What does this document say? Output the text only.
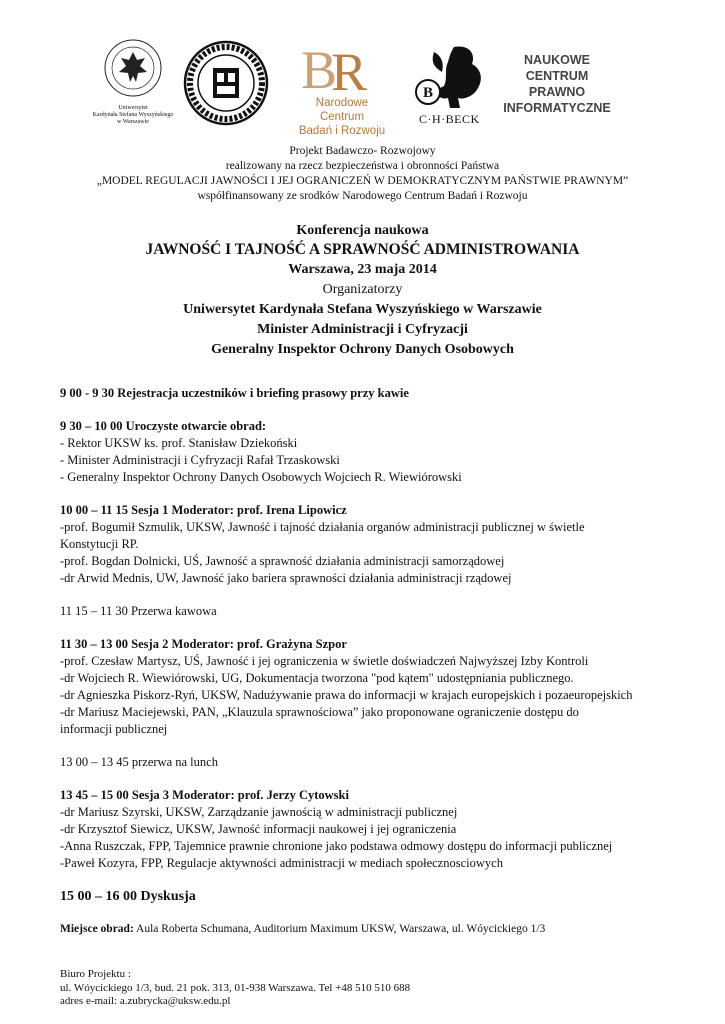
Uniwersytet
Kardynała Stefana Wyszyńskiego
w Warszawie
B
R
Narodowe Centrum
Badań i Rozwoju
B
C·H·BECK
NAUKOWE
CENTRUM
PRAWNO
INFORMATYCZNE
Projekt Badawczo- Rozwojowy
realizowany na rzecz bezpieczeństwa i obronności Państwa
„MODEL REGULACJI JAWNOŚCI I JEJ OGRANICZEŃ W DEMOKRATYCZNYM PAŃSTWIE PRAWNYM”
współfinansowany ze srodków Narodowego Centrum Badań i Rozwoju
Konferencja naukowa
JAWNOŚĆ I TAJNOŚĆ A SPRAWNOŚĆ ADMINISTROWANIA
Warszawa, 23 maja 2014
Organizatorzy
Uniwersytet Kardynała Stefana Wyszyńskiego w Warszawie
Minister Administracji i Cyfryzacji
Generalny Inspektor Ochrony Danych Osobowych

9 00 - 9 30 Rejestracja uczestników i briefing prasowy przy kawie

9 30 – 10 00 Uroczyste otwarcie obrad:

- Rektor UKSW ks. prof. Stanisław Dziekoński

- Minister Administracji i Cyfryzacji Rafał Trzaskowski

- Generalny Inspektor Ochrony Danych Osobowych Wojciech R. Wiewiórowski

10 00 – 11 15 Sesja 1 Moderator: prof. Irena Lipowicz

-prof. Bogumił Szmulik, UKSW, Jawność i tajność działania organów administracji publicznej w świetle

Konstytucji RP.

-prof. Bogdan Dolnicki, UŚ, Jawność a sprawność działania administracji samorządowej

-dr Arwid Mednis, UW, Jawność jako bariera sprawności działania administracji rządowej

11 15 – 11 30 Przerwa kawowa

11 30 – 13 00 Sesja 2 Moderator: prof. Grażyna Szpor

-prof. Czesław Martysz, UŚ, Jawność i jej ograniczenia w świetle doświadczeń Najwyższej Izby Kontroli

-dr Wojciech R. Wiewiórowski, UG, Dokumentacja tworzona "pod kątem" udostępniania publicznego.

-dr Agnieszka Piskorz-Ryń, UKSW, Nadużywanie prawa do informacji w krajach europejskich i pozaeuropejskich

-dr Mariusz Maciejewski, PAN, „Klauzula sprawnościowa” jako proponowane ograniczenie dostępu do

informacji publicznej

13 00 – 13 45 przerwa na lunch

13 45 – 15 00 Sesja 3 Moderator: prof. Jerzy Cytowski

-dr Mariusz Szyrski, UKSW, Zarządzanie jawnością w administracji publicznej

-dr Krzysztof Siewicz, UKSW, Jawność informacji naukowej i jej ograniczenia

-Anna Ruszczak, FPP, Tajemnice prawnie chronione jako podstawa odmowy dostępu do informacji publicznej

-Paweł Kozyra, FPP, Regulacje aktywności administracji w mediach społecznosciowych

15 00 – 16 00 Dyskusja

Miejsce obrad: Aula Roberta Schumana, Auditorium Maximum UKSW, Warszawa, ul. Wóycickiego 1/3

Biuro Projektu :
ul. Wóycickiego 1/3, bud. 21 pok. 313, 01-938 Warszawa. Tel +48 510 510 688
adres e-mail: a.zubrycka@uksw.edu.pl
